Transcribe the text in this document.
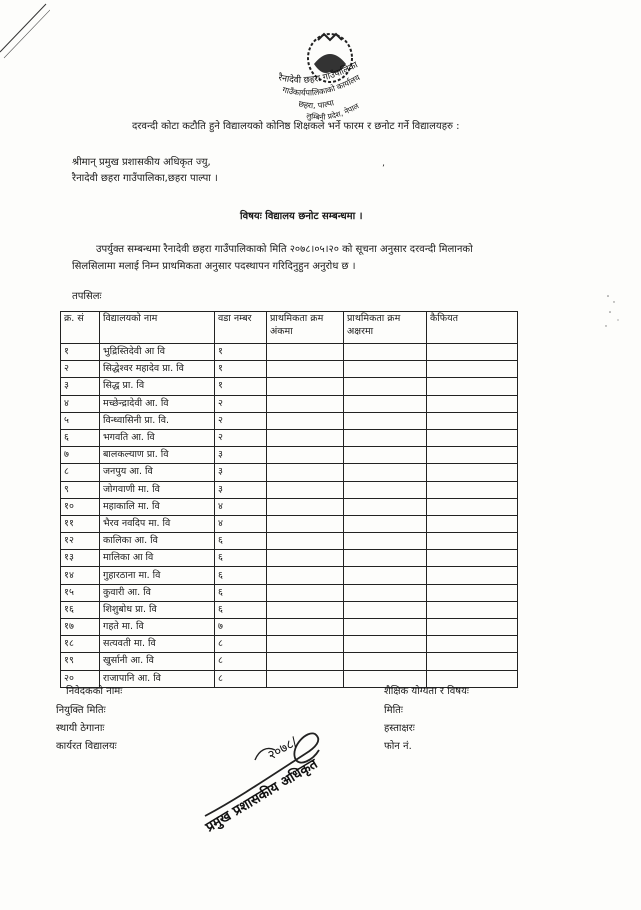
रैनादेवी छहरा गाउँपालिका
गाउँकार्यपालिकाको कार्यालय
छहरा, पाल्पा
लुम्बिनी प्रदेश, नेपाल
दरवन्दी कोटा कटौति हुने विद्यालयको कोनिष्ठ शिक्षकले भर्ने फारम र छनोट गर्ने विद्यालयहरु :
श्रीमान् प्रमुख प्रशासकीय अधिकृत ज्यु,
रैनादेवी छहरा गाउँपालिका,छहरा पाल्पा ।
ʼ
विषयः विद्यालय छनोट सम्बन्धमा ।
उपर्युक्त सम्बन्धमा रैनादेवी छहरा गाउँपालिकाको मिति २०७८।०५।२० को सूचना अनुसार दरवन्दी मिलानको
सिलसिलामा मलाई निम्न प्राथमिकता अनुसार पदस्थापन गरिदिनुहुन अनुरोध छ ।
तपसिलः
क्र. सं	विद्यालयको नाम	वडा नम्बर	प्राथमिकता क्रम अंकमा	प्राथमिकता क्रम अक्षरमा	कैफियत
१	भुद्रिस्तिदेवी आ वि	१			
२	सिद्धेश्वर महादेव प्रा. वि	१			
३	सिद्ध प्रा. वि	१			
४	मच्छेन्द्रादेवी आ. वि	२			
५	विन्ध्वासिनी प्रा. वि.	२			
६	भगवति आ. वि	२			
७	बालकल्याण प्रा. वि	३			
८	जनपुय आ. वि	३			
९	जोगवाणी मा. वि	३			
१०	महाकालि मा. वि	४			
११	भैरव नवदिप मा. वि	४			
१२	कालिका आ. वि	६			
१३	मालिका आ वि	६			
१४	गुहारठाना मा. वि	६			
१५	कुवारी आ. वि	६			
१६	शिशुबोध प्रा. वि	६			
१७	गहते मा. वि	७			
१८	सत्यवती मा. वि	८			
१९	खुर्सानी आ. वि	८			
२०	राजापानि आ. वि	८			
निवेदकको नामः
नियुक्ति मितिः
स्थायी ठेगानाः
कार्यरत विद्यालयः
शैक्षिक योग्यता र विषयः
मितिः
हस्ताक्षरः
फोन नं.
२०७८/
प्रमुख प्रशासकीय अधिकृत
